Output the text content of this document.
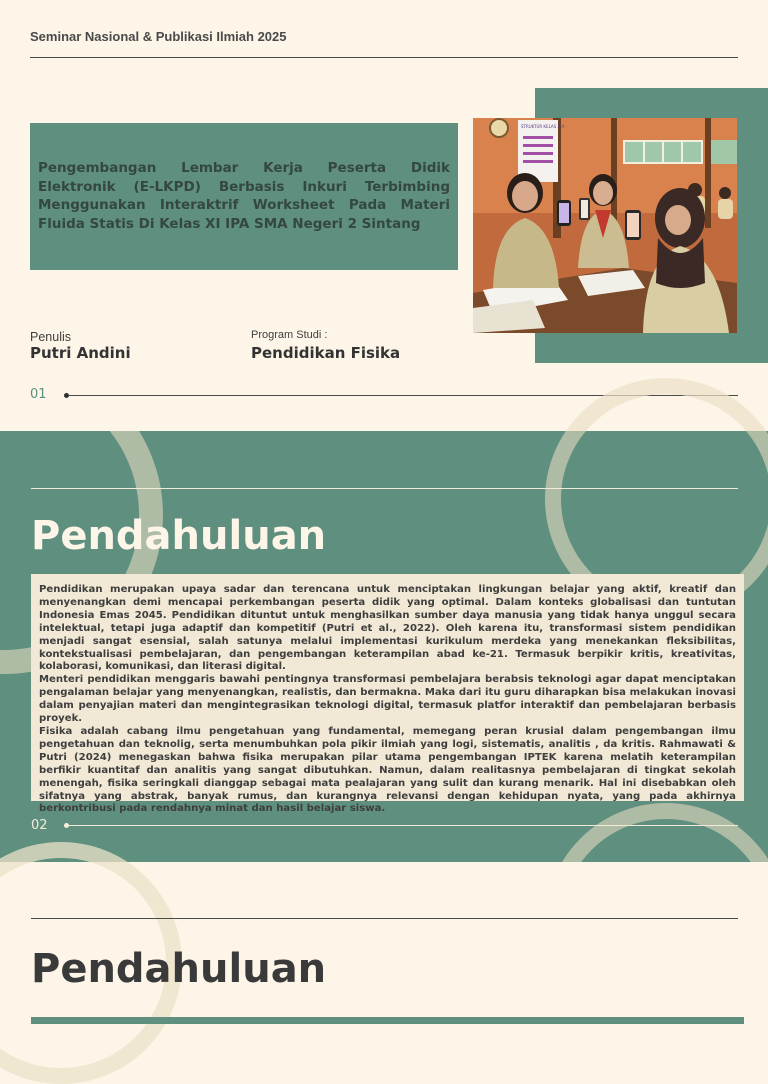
Seminar Nasional & Publikasi Ilmiah 2025

Pengembangan Lembar Kerja Peserta Didik Elektronik (E-LKPD) Berbasis Inkuri Terbimbing Menggunakan Interaktrif Worksheet Pada Materi
Fluida Statis Di Kelas XI IPA SMA Negeri 2 Sintang

STRUKTUR KELAS X.A
Penulis
Putri Andini
Program Studi :
Pendidikan Fisika
01
Pendahuluan
02

Pendidikan merupakan upaya sadar dan terencana untuk menciptakan lingkungan belajar yang aktif, kreatif dan menyenangkan demi mencapai perkembangan peserta didik yang optimal. Dalam konteks globalisasi dan tuntutan Indonesia Emas 2045. Pendidikan dituntut untuk menghasilkan sumber daya manusia yang tidak hanya unggul secara intelektual, tetapi juga adaptif dan kompetitif (Putri et al., 2022). Oleh karena itu, transformasi sistem pendidikan menjadi sangat esensial, salah satunya melalui implementasi kurikulum merdeka yang menekankan fleksibilitas, kontekstualisasi pembelajaran, dan pengembangan keterampilan abad ke-21. Termasuk berpikir kritis, kreativitas, kolaborasi, komunikasi, dan literasi digital.

Menteri pendidikan menggaris bawahi pentingnya transformasi pembelajara berabsis teknologi agar dapat menciptakan pengalaman belajar yang menyenangkan, realistis, dan bermakna. Maka dari itu guru diharapkan bisa melakukan inovasi dalam penyajian materi dan mengintegrasikan teknologi digital, termasuk platfor interaktif dan pembelajaran berbasis proyek.

Fisika adalah cabang ilmu pengetahuan yang fundamental, memegang peran krusial dalam pengembangan ilmu pengetahuan dan teknolig, serta menumbuhkan pola pikir ilmiah yang logi, sistematis, analitis , da kritis. Rahmawati & Putri (2024) menegaskan bahwa fisika merupakan pilar utama pengembangan IPTEK karena melatih keterampilan berfikir kuantitaf dan analitis yang sangat dibutuhkan. Namun, dalam realitasnya pembelajaran di tingkat sekolah menengah, fisika seringkali dianggap sebagai mata pealajaran yang sulit dan kurang menarik. Hal ini disebabkan oleh sifatnya yang abstrak, banyak rumus, dan kurangnya relevansi dengan kehidupan nyata, yang pada akhirnya berkontribusi pada rendahnya minat dan hasil belajar siswa.

Pendahuluan
